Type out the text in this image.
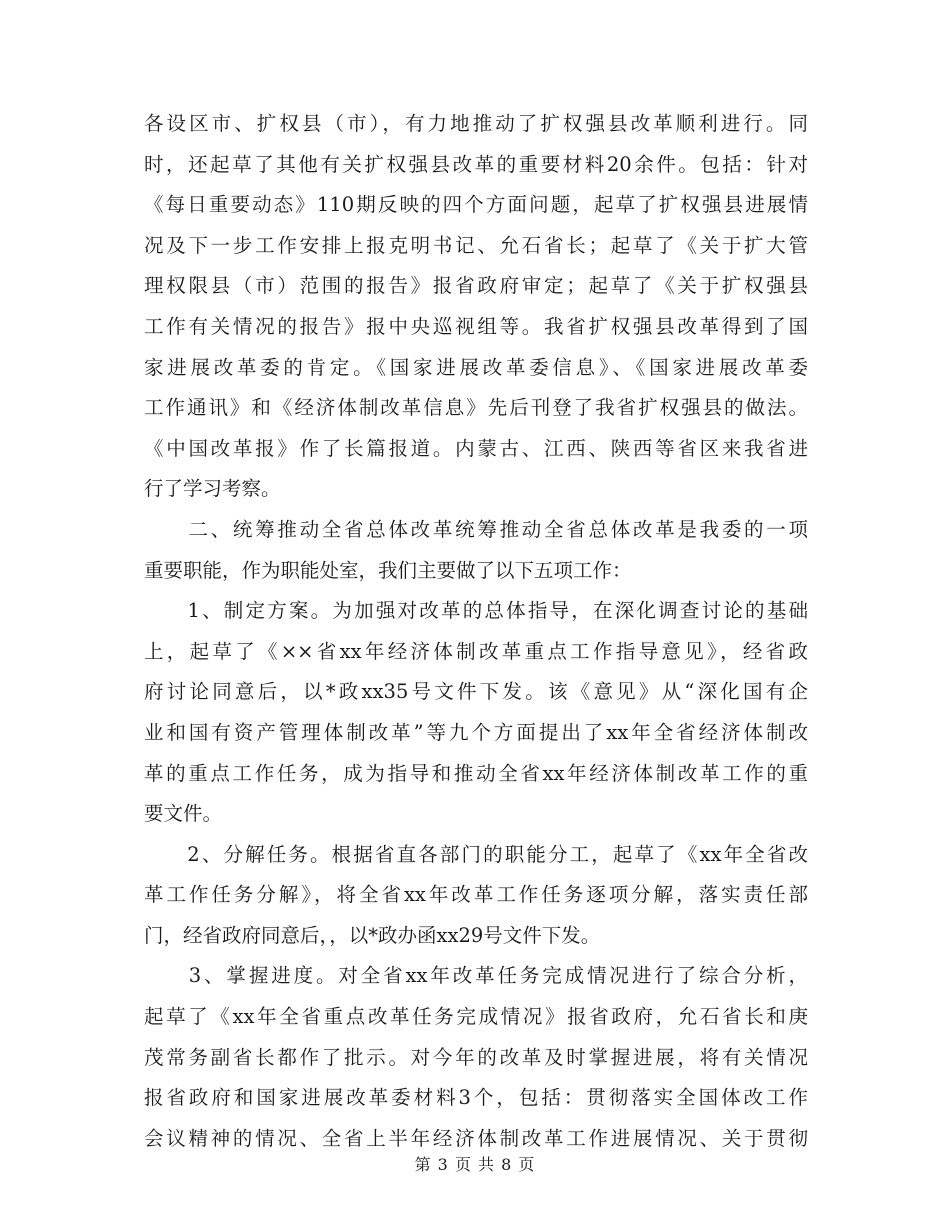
各设区市、扩权县（市），有力地推动了扩权强县改革顺利进行。同
时，还起草了其他有关扩权强县改革的重要材料20余件。包括：针对
《每日重要动态》110期反映的四个方面问题，起草了扩权强县进展情
况及下一步工作安排上报克明书记、允石省长；起草了《关于扩大管
理权限县（市）范围的报告》报省政府审定；起草了《关于扩权强县
工作有关情况的报告》报中央巡视组等。我省扩权强县改革得到了国
家进展改革委的肯定。《国家进展改革委信息》、《国家进展改革委
工作通讯》和《经济体制改革信息》先后刊登了我省扩权强县的做法。
《中国改革报》作了长篇报道。内蒙古、江西、陕西等省区来我省进
行了学习考察。
　　二、统筹推动全省总体改革统筹推动全省总体改革是我委的一项
重要职能，作为职能处室，我们主要做了以下五项工作：
　　1、制定方案。为加强对改革的总体指导，在深化调查讨论的基础
上，起草了《××省xx年经济体制改革重点工作指导意见》，经省政
府讨论同意后，以*政xx35号文件下发。该《意见》从“深化国有企
业和国有资产管理体制改革”等九个方面提出了xx年全省经济体制改
革的重点工作任务，成为指导和推动全省xx年经济体制改革工作的重
要文件。
　　2、分解任务。根据省直各部门的职能分工，起草了《xx年全省改
革工作任务分解》，将全省xx年改革工作任务逐项分解，落实责任部
门，经省政府同意后，，以*政办函xx29号文件下发。
　　3、掌握进度。对全省xx年改革任务完成情况进行了综合分析，
起草了《xx年全省重点改革任务完成情况》报省政府，允石省长和庚
茂常务副省长都作了批示。对今年的改革及时掌握进展，将有关情况
报省政府和国家进展改革委材料3个，包括：贯彻落实全国体改工作
会议精神的情况、全省上半年经济体制改革工作进展情况、关于贯彻
第 3 页 共 8 页
